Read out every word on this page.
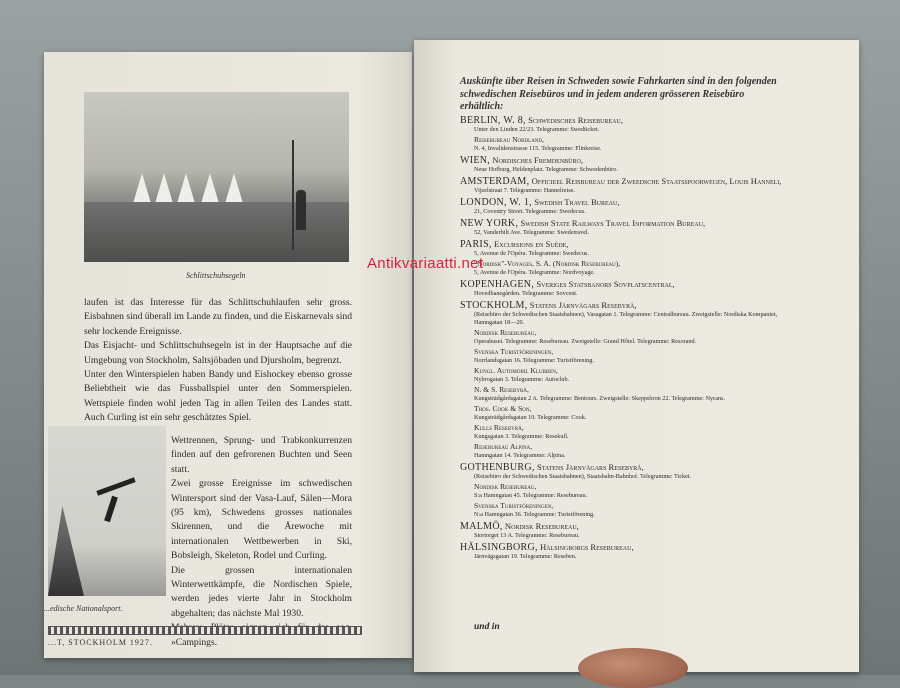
Schlittschuhsegeln

laufen ist das Interesse für das Schlittschuhlaufen sehr gross. Eisbahnen sind überall im Lande zu finden, und die Eiskarnevals sind sehr lockende Ereignisse.

Das Eisjacht- und Schlittschuhsegeln ist in der Hauptsache auf die Umgebung von Stockholm, Saltsjöbaden und Djursholm, begrenzt.

Unter den Winterspielen haben Bandy und Eishockey ebenso grosse Beliebtheit wie das Fussballspiel unter den Sommerspielen. Wettspiele finden wohl jeden Tag in allen Teilen des Landes statt. Auch Curling ist ein sehr geschätztes Spiel.

Wettrennen, Sprung- und Trabkonkurrenzen finden auf den gefrorenen Buchten und Seen statt.

Zwei grosse Ereignisse im schwedischen Wintersport sind der Vasa-Lauf, Sälen—Mora (95 km), Schwedens grosses nationales Skirennen, und die Årewoche mit internationalen Wettbewerben in Ski, Bobsleigh, Skeleton, Rodel und Curling.

Die grossen internationalen Winterwettkämpfe, die Nordischen Spiele, werden jedes vierte Jahr in Stockholm abgehalten; das nächste Mal 1930.

»Campings.

...edische Nationalsport.
...T, STOCKHOLM 1927.
Auskünfte über Reisen in Schweden sowie Fahrkarten sind in den folgenden schwedischen Reisebüros und in jedem anderen grösseren Reisebüro erhältlich:
BERLIN, W. 8, Schwedisches Reisebureau,
Unter den Linden 22/23. Telegramme: Swedticket.
Reisebureau Nordland,
N. 4, Invalidenstrasse 115. Telegramme: Flinkreise.
WIEN, Nordisches Fremdenbüro,
Neue Hofburg, Heldenplatz. Telegramme: Schwedenbüro.
AMSTERDAM, Officieel Reisbureau der Zweedsche Staatsspoorwegen, Louis Hanneli,
Vijzelstraat 7. Telegramme: Hannelreise.
LONDON, W. 1, Swedish Travel Bureau,
21, Coventry Street. Telegramme: Swedecus.
NEW YORK, Swedish State Railways Travel Information Bureau,
52, Vanderbilt Ave. Telegramme: Swedetravel.
PARIS, Excursions en Suède,
5, Avenue de l'Opéra. Telegramme: Swedecus.
"Nordisk"-Voyages, S. A. (Nordisk Resebureau),
5, Avenue de l'Opéra. Telegramme: Nordvoyage.
KOPENHAGEN, Sveriges Statsbanors Sovplatscentral,
Hovedbanegården. Telegramme: Sovcent.
STOCKHOLM, Statens Järnvägars Resebyrå,
(Reisebüro der Schwedischen Staatsbahnen), Vasagatan 1. Telegramme: Centralbureau. Zweigstelle: Nordiska Kompaniet, Hamngatan 18—20.
Nordisk Resebureau,
Operahuset. Telegramme: Resebureau. Zweigstelle: Grand Hôtel. Telegramme: Resorand.
Svenska Turistföreningen,
Norrlandsgatan 16. Telegramme: Turistförening.
Kungl. Automobil Klubben,
Nybrogatan 3. Telegramme: Autoclub.
N. & S. Resebyrå,
Kungsträdgårdsgatan 2 A. Telegramme: Bentours. Zweigstelle: Skeppsbron 22. Telegramme: Nyrans.
Thos. Cook & Son,
Kungsträdgårdsgatan 10. Telegramme: Cook.
Kulls Resebyrå,
Kungsgatan 3. Telegramme: Resekull.
Resebureau Alpina,
Hamngatan 14. Telegramme: Alpina.
GOTHENBURG, Statens Järnvägars Resebyrå,
(Reisebüro der Schwedischen Staatsbahnen), Staatsbahn-Bahnhof. Telegramme: Ticket.
Nordisk Resebureau,
S:a Hamngatan 45. Telegramme: Resebureau.
Svenska Turistföreningen,
N:a Hamngatan 36. Telegramme: Turistförening.
MALMÖ, Nordisk Resebureau,
Stortorget 13 A. Telegramme: Resebureau.
HÄLSINGBORG, Hälsingborgs Resebureau,
Järnvägsgatan 19. Telegramme: Reseben.
und in
Antikvariaatti.net
